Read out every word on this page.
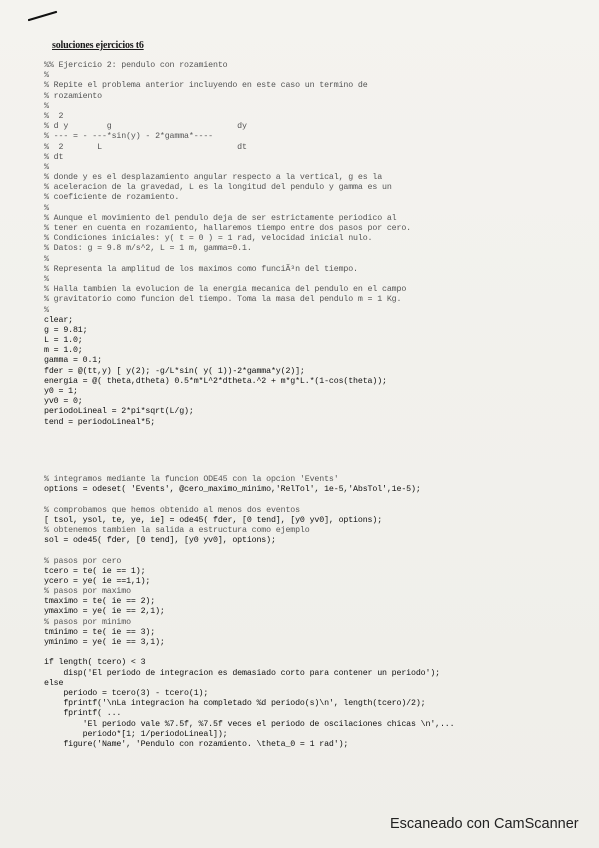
soluciones ejercicios t6
%% Ejercicio 2: pendulo con rozamiento
%
% Repite el problema anterior incluyendo en este caso un termino de
% rozamiento
%
%  2
% d y        g                          dy
% --- = - ---*sin(y) - 2*gamma*----
%  2       L                            dt
% dt
%
% donde y es el desplazamiento angular respecto a la vertical, g es la
% aceleracion de la gravedad, L es la longitud del pendulo y gamma es un
% coeficiente de rozamiento.
%
% Aunque el movimiento del pendulo deja de ser estrictamente periodico al
% tener en cuenta en rozamiento, hallaremos tiempo entre dos pasos por cero.
% Condiciones iniciales: y( t = 0 ) = 1 rad, velocidad inicial nulo.
% Datos: g = 9.8 m/s^2, L = 1 m, gamma=0.1.
%
% Representa la amplitud de los maximos como funciÃ³n del tiempo.
%
% Halla tambien la evolucion de la energia mecanica del pendulo en el campo
% gravitatorio como funcion del tiempo. Toma la masa del pendulo m = 1 Kg.
%
clear;
g = 9.81;
L = 1.0;
m = 1.0;
gamma = 0.1;
fder = @(tt,y) [ y(2); -g/L*sin( y( 1))-2*gamma*y(2)];
energia = @( theta,dtheta) 0.5*m*L^2*dtheta.^2 + m*g*L.*(1-cos(theta));
y0 = 1;
yv0 = 0;
periodoLineal = 2*pi*sqrt(L/g);
tend = periodoLineal*5;
% integramos mediante la funcion ODE45 con la opcion 'Events'
options = odeset( 'Events', @cero_maximo_minimo,'RelTol', 1e-5,'AbsTol',1e-5);
% comprobamos que hemos obtenido al menos dos eventos
[ tsol, ysol, te, ye, ie] = ode45( fder, [0 tend], [y0 yv0], options);
% obtenemos tambien la salida a estructura como ejemplo
sol = ode45( fder, [0 tend], [y0 yv0], options);
% pasos por cero
tcero = te( ie == 1);
ycero = ye( ie ==1,1);
% pasos por maximo
tmaximo = te( ie == 2);
ymaximo = ye( ie == 2,1);
% pasos por minimo
tminimo = te( ie == 3);
yminimo = ye( ie == 3,1);
if length( tcero) < 3
disp('El periodo de integracion es demasiado corto para contener un periodo');
else
periodo = tcero(3) - tcero(1);
fprintf('\nLa integracion ha completado %d periodo(s)\n', length(tcero)/2);
fprintf( ...
'El periodo vale %7.5f, %7.5f veces el periodo de oscilaciones chicas \n',...
periodo*[1; 1/periodoLineal]);
figure('Name', 'Pendulo con rozamiento. \theta_0 = 1 rad');
Escaneado con CamScanner
